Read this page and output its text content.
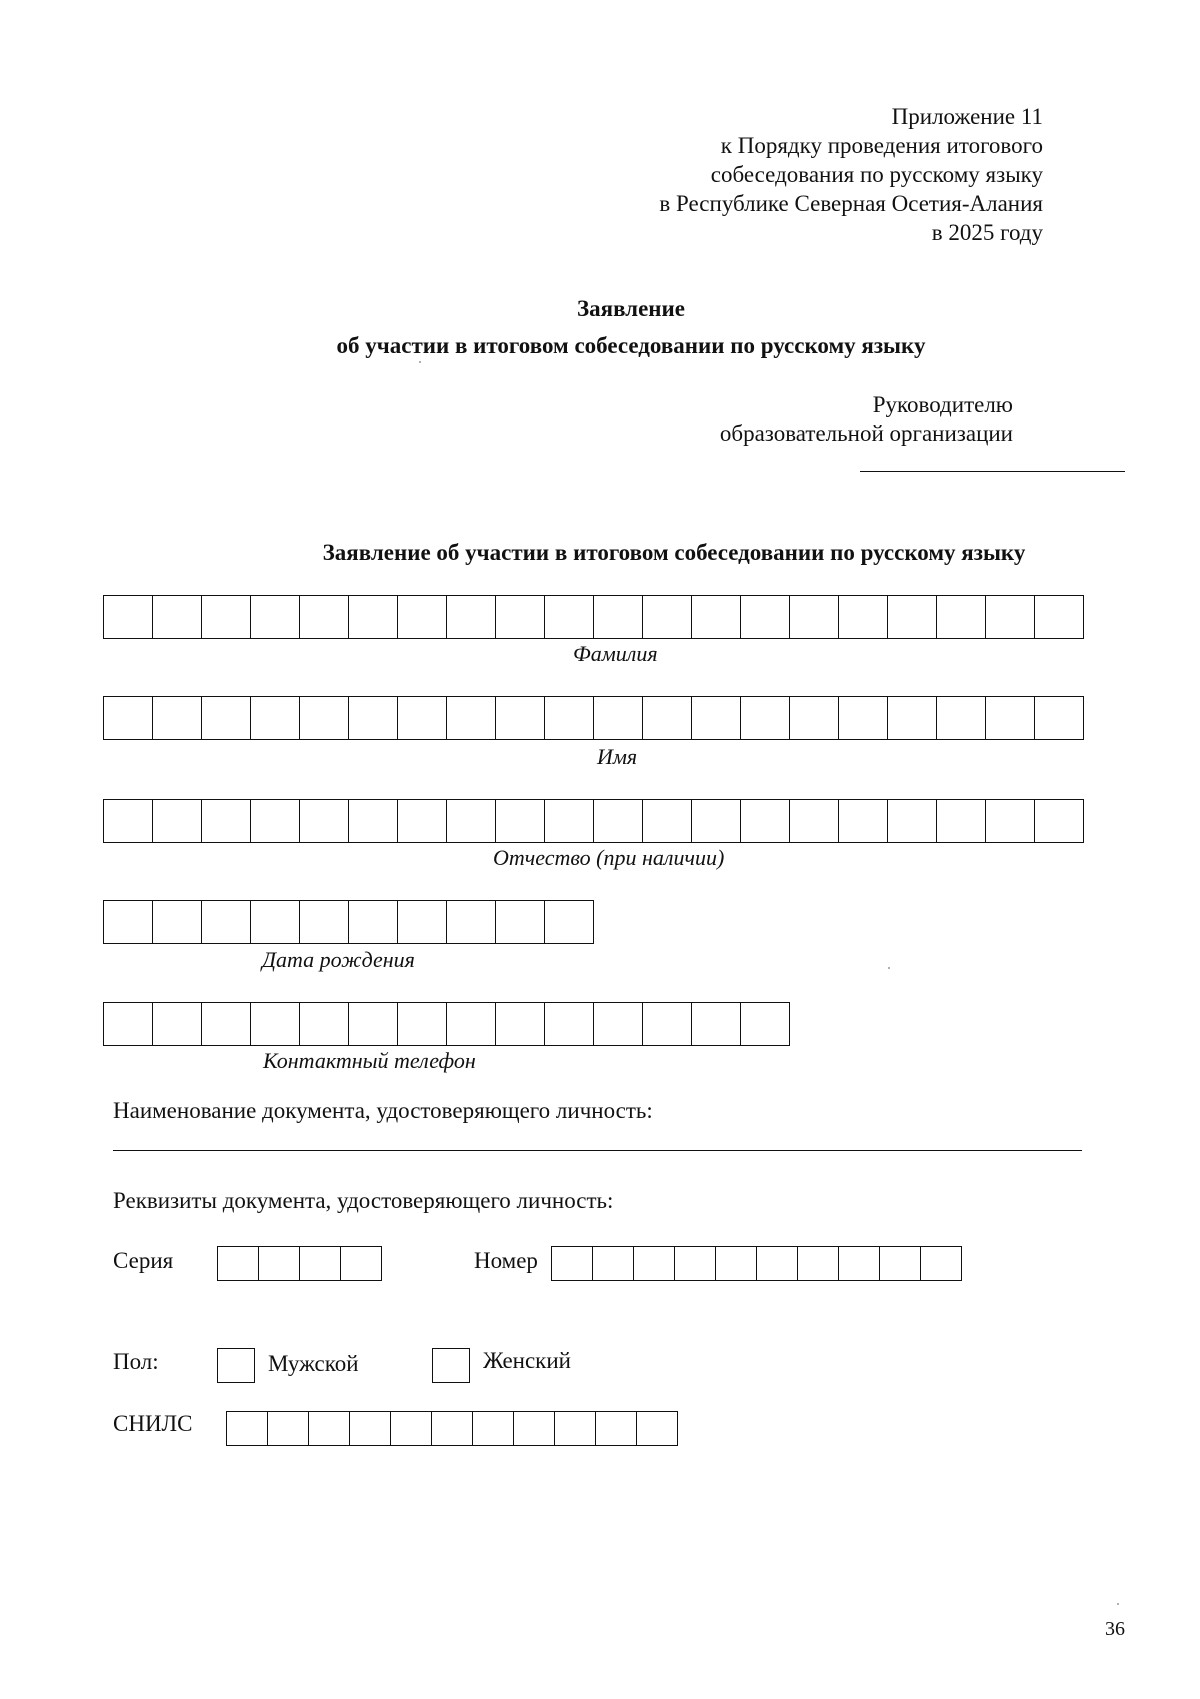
Приложение 11
к Порядку проведения итогового
собеседования по русскому языку
в Республике Северная Осетия-Алания
в 2025 году
Заявление
об участии в итоговом собеседовании по русскому языку
Руководителю
образовательной организации
Заявление об участии в итоговом собеседовании по русскому языку
Фамилия
Имя
Отчество (при наличии)
Дата рождения
Контактный телефон
Наименование документа, удостоверяющего личность:
Реквизиты документа, удостоверяющего личность:
Серия	Номер
Пол:	Мужской	Женский
СНИЛС
36
